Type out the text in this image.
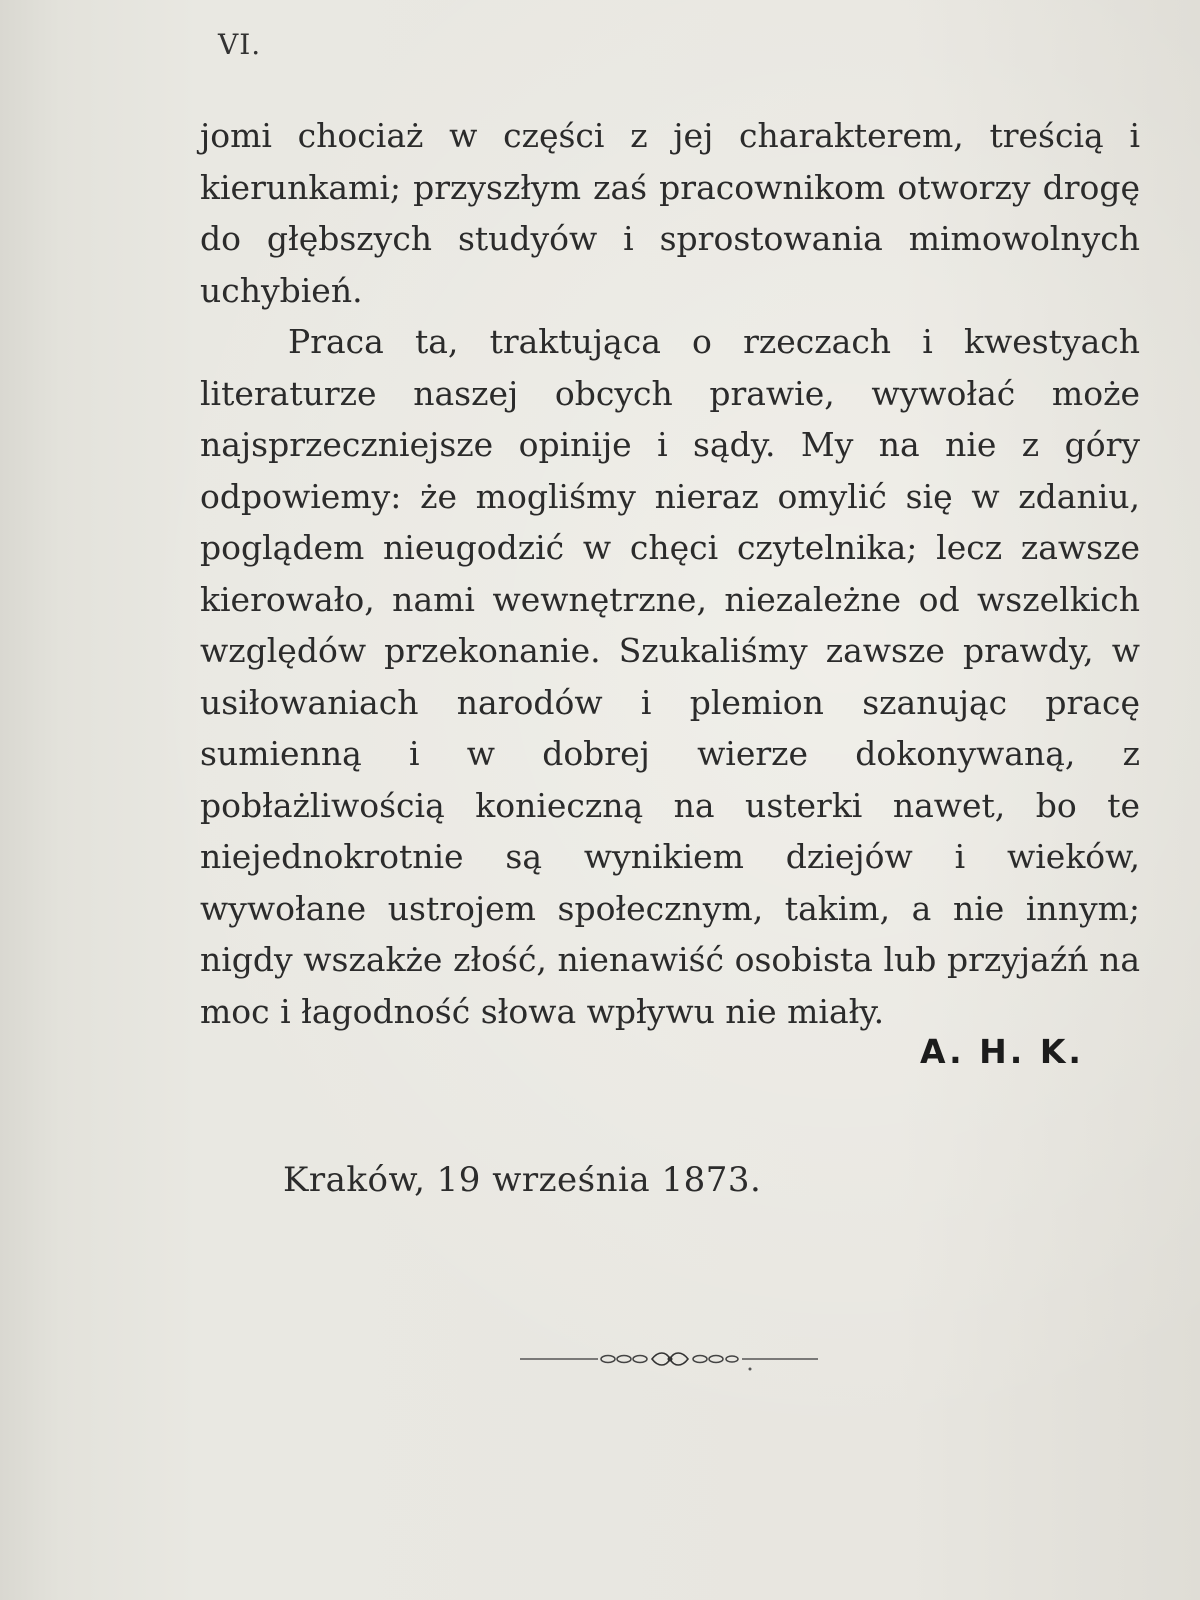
VI.

jomi chociaż w części z jej charakterem, treścią i kierunkami; przyszłym zaś pracownikom otworzy drogę do głębszych studyów i sprostowania mimowolnych uchybień.

Praca ta, traktująca o rzeczach i kwestyach literaturze naszej obcych prawie, wywołać może najsprzeczniejsze opinije i sądy. My na nie z góry odpowiemy: że mogliśmy nieraz omylić się w zdaniu, poglądem nieugodzić w chęci czytelnika; lecz zawsze kierowało, nami wewnętrzne, niezależne od wszelkich względów przekonanie. Szukaliśmy zawsze prawdy, w usiłowaniach narodów i plemion szanując pracę sumienną i w dobrej wierze dokonywaną, z pobłażliwością konieczną na usterki nawet, bo te niejednokrotnie są wynikiem dziejów i wieków, wywołane ustrojem społecznym, takim, a nie innym; nigdy wszakże złość, nienawiść osobista lub przyjaźń na moc i łagodność słowa wpływu nie miały.

A. H. K.
Kraków, 19 września 1873.
